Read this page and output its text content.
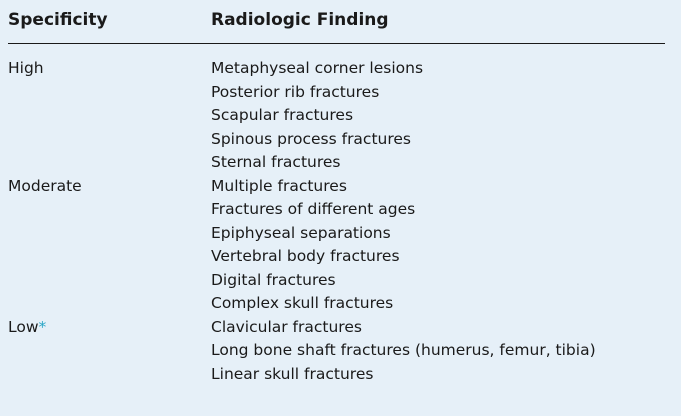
Specificity	Radiologic Finding
High	Metaphyseal corner lesions
Posterior rib fractures
Scapular fractures
Spinous process fractures
Sternal fractures
Moderate	Multiple fractures
Fractures of different ages
Epiphyseal separations
Vertebral body fractures
Digital fractures
Complex skull fractures
Low*	Clavicular fractures
Long bone shaft fractures (humerus, femur, tibia)
Linear skull fractures
